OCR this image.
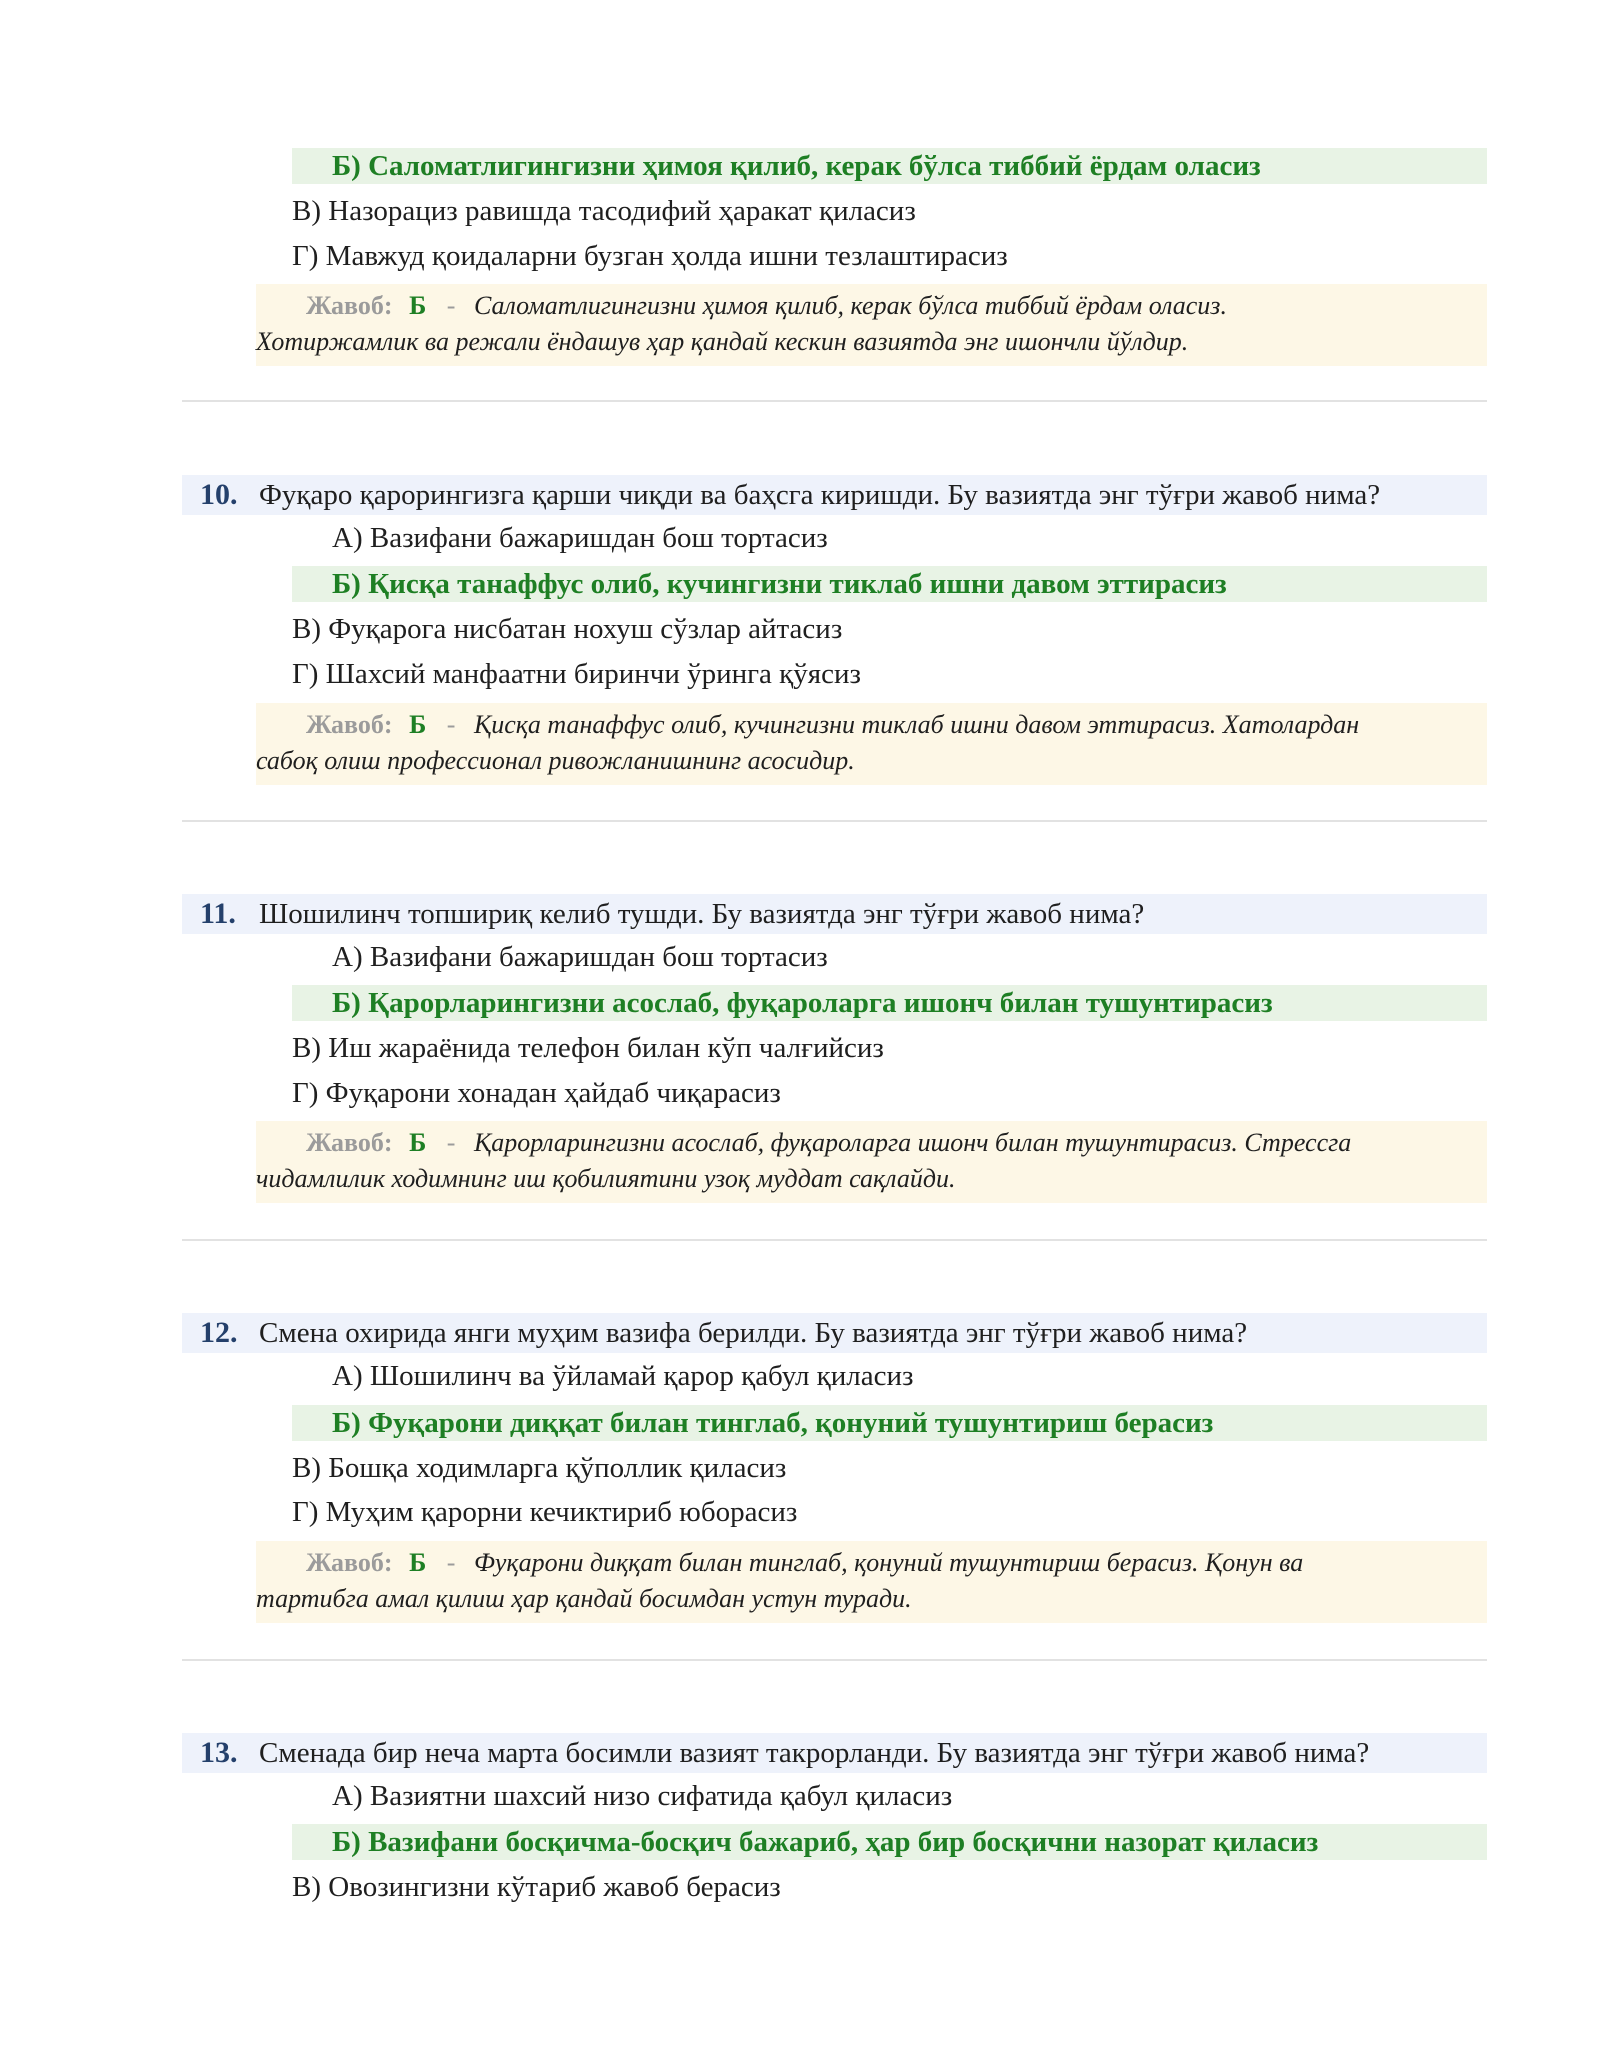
Б) Саломатлигингизни ҳимоя қилиб, керак бўлса тиббий ёрдам оласиз
В) Назорациз равишда тасодифий ҳаракат қиласиз
Г) Мавжуд қоидаларни бузган ҳолда ишни тезлаштирасиз
Жавоб: Б - Саломатлигингизни ҳимоя қилиб, керак бўлса тиббий ёрдам оласиз.
Хотиржамлик ва режали ёндашув ҳар қандай кескин вазиятда энг ишончли йўлдир.
10. Фуқаро қарорингизга қарши чиқди ва баҳсга киришди. Бу вазиятда энг тўғри жавоб нима?
А) Вазифани бажаришдан бош тортасиз
Б) Қисқа танаффус олиб, кучингизни тиклаб ишни давом эттирасиз
В) Фуқарога нисбатан нохуш сўзлар айтасиз
Г) Шахсий манфаатни биринчи ўринга қўясиз
Жавоб: Б - Қисқа танаффус олиб, кучингизни тиклаб ишни давом эттирасиз. Хатолардан
сабоқ олиш профессионал ривожланишнинг асосидир.
11. Шошилинч топшириқ келиб тушди. Бу вазиятда энг тўғри жавоб нима?
А) Вазифани бажаришдан бош тортасиз
Б) Қарорларингизни асослаб, фуқароларга ишонч билан тушунтирасиз
В) Иш жараёнида телефон билан кўп чалғийсиз
Г) Фуқарони хонадан ҳайдаб чиқарасиз
Жавоб: Б - Қарорларингизни асослаб, фуқароларга ишонч билан тушунтирасиз. Стрессга
чидамлилик ходимнинг иш қобилиятини узоқ муддат сақлайди.
12. Смена охирида янги муҳим вазифа берилди. Бу вазиятда энг тўғри жавоб нима?
А) Шошилинч ва ўйламай қарор қабул қиласиз
Б) Фуқарони диққат билан тинглаб, қонуний тушунтириш берасиз
В) Бошқа ходимларга қўполлик қиласиз
Г) Муҳим қарорни кечиктириб юборасиз
Жавоб: Б - Фуқарони диққат билан тинглаб, қонуний тушунтириш берасиз. Қонун ва
тартибга амал қилиш ҳар қандай босимдан устун туради.
13. Сменада бир неча марта босимли вазият такрорланди. Бу вазиятда энг тўғри жавоб нима?
А) Вазиятни шахсий низо сифатида қабул қиласиз
Б) Вазифани босқичма-босқич бажариб, ҳар бир босқични назорат қиласиз
В) Овозингизни кўтариб жавоб берасиз
